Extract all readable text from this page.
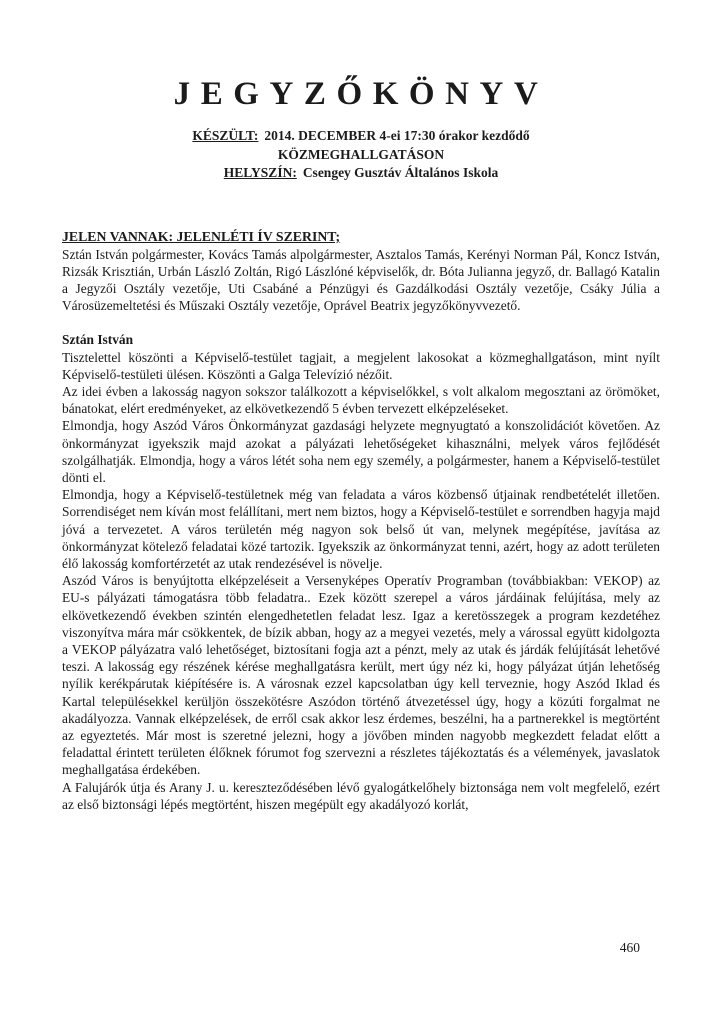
JEGYZŐKÖNYV
KÉSZÜLT: 2014. DECEMBER 4-ei 17:30 órakor kezdődő
KÖZMEGHALLGATÁSON
HELYSZÍN: Csengey Gusztáv Általános Iskola
JELEN VANNAK: JELENLÉTI ÍV SZERINT;

Sztán István polgármester, Kovács Tamás alpolgármester, Asztalos Tamás, Kerényi Norman Pál, Koncz István, Rizsák Krisztián, Urbán László Zoltán, Rigó Lászlóné képviselők, dr. Bóta Julianna jegyző, dr. Ballagó Katalin a Jegyzői Osztály vezetője, Uti Csabáné a Pénzügyi és Gazdálkodási Osztály vezetője, Csáky Júlia a Városüzemeltetési és Műszaki Osztály vezetője, Oprável Beatrix jegyzőkönyvvezető.

Sztán István

Tisztelettel köszönti a Képviselő-testület tagjait, a megjelent lakosokat a közmeghallgatáson, mint nyílt Képviselő-testületi ülésen. Köszönti a Galga Televízió nézőit.

Az idei évben a lakosság nagyon sokszor találkozott a képviselőkkel, s volt alkalom megosztani az örömöket, bánatokat, elért eredményeket, az elkövetkezendő 5 évben tervezett elképzeléseket.

Elmondja, hogy Aszód Város Önkormányzat gazdasági helyzete megnyugtató a konszolidációt követően. Az önkormányzat igyekszik majd azokat a pályázati lehetőségeket kihasználni, melyek város fejlődését szolgálhatják. Elmondja, hogy a város létét soha nem egy személy, a polgármester, hanem a Képviselő-testület dönti el.

Elmondja, hogy a Képviselő-testületnek még van feladata a város közbenső útjainak rendbetételét illetően. Sorrendiséget nem kíván most felállítani, mert nem biztos, hogy a Képviselő-testület e sorrendben hagyja majd jóvá a tervezetet. A város területén még nagyon sok belső út van, melynek megépítése, javítása az önkormányzat kötelező feladatai közé tartozik. Igyekszik az önkormányzat tenni, azért, hogy az adott területen élő lakosság komfortérzetét az utak rendezésével is növelje.

Aszód Város is benyújtotta elképzeléseit a Versenyképes Operatív Programban (továbbiakban: VEKOP) az EU-s pályázati támogatásra több feladatra.. Ezek között szerepel a város járdáinak felújítása, mely az elkövetkezendő években szintén elengedhetetlen feladat lesz. Igaz a keretösszegek a program kezdetéhez viszonyítva mára már csökkentek, de bízik abban, hogy az a megyei vezetés, mely a várossal együtt kidolgozta a VEKOP pályázatra való lehetőséget, biztosítani fogja azt a pénzt, mely az utak és járdák felújítását lehetővé teszi. A lakosság egy részének kérése meghallgatásra került, mert úgy néz ki, hogy pályázat útján lehetőség nyílik kerékpárutak kiépítésére is. A városnak ezzel kapcsolatban úgy kell terveznie, hogy Aszód Iklad és Kartal településekkel kerüljön összekötésre Aszódon történő átvezetéssel úgy, hogy a közúti forgalmat ne akadályozza. Vannak elképzelések, de erről csak akkor lesz érdemes, beszélni, ha a partnerekkel is megtörtént az egyeztetés. Már most is szeretné jelezni, hogy a jövőben minden nagyobb megkezdett feladat előtt a feladattal érintett területen élőknek fórumot fog szervezni a részletes tájékoztatás és a vélemények, javaslatok meghallgatása érdekében.

A Falujárók útja és Arany J. u. kereszteződésében lévő gyalogátkelőhely biztonsága nem volt megfelelő, ezért az első biztonsági lépés megtörtént, hiszen megépült egy akadályozó korlát,

460
